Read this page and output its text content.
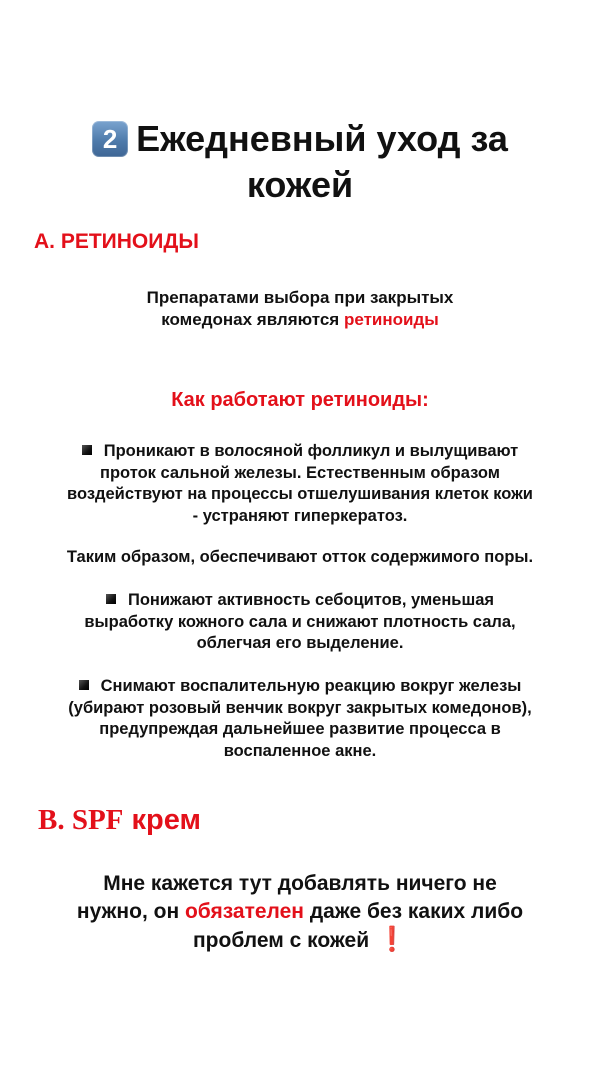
2 Ежедневный уход за
кожей
A. РЕТИНОИДЫ
Препаратами выбора при закрытых
комедонах являются ретиноиды
Как работают ретиноиды:
Проникают в волосяной фолликул и вылущивают
проток сальной железы. Естественным образом
воздействуют на процессы отшелушивания клеток кожи
- устраняют гиперкератоз.
Таким образом, обеспечивают отток содержимого поры.
Понижают активность себоцитов, уменьшая
выработку кожного сала и снижают плотность сала,
облегчая его выделение.
Снимают воспалительную реакцию вокруг железы
(убирают розовый венчик вокруг закрытых комедонов),
предупреждая дальнейшее развитие процесса в
воспаленное акне.
B. SPF крем
Мне кажется тут добавлять ничего не
нужно, он обязателен даже без каких либо
проблем с кожей ❗
